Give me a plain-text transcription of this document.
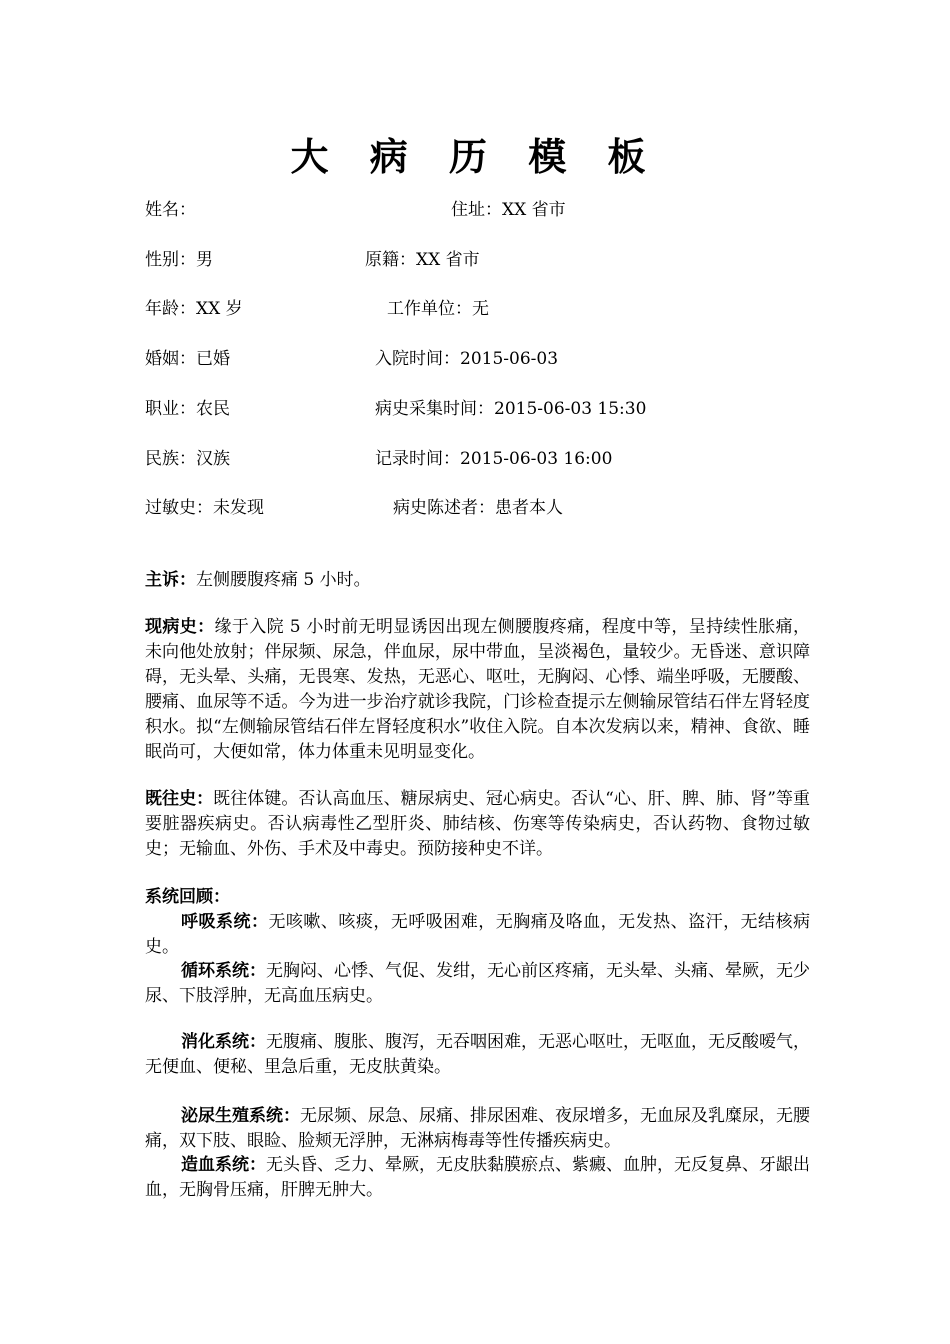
大 病 历 模 板
姓名：	住址：XX 省市
性别：男	原籍：XX 省市
年龄：XX 岁	工作单位：无
婚姻：已婚	入院时间：2015-06-03
职业：农民	病史采集时间：2015-06-03 15:30
民族：汉族	记录时间：2015-06-03 16:00
过敏史：未发现	病史陈述者：患者本人
主诉：左侧腰腹疼痛 5 小时。
现病史：缘于入院 5 小时前无明显诱因出现左侧腰腹疼痛，程度中等，呈持续性胀痛，未向他处放射；伴尿频、尿急，伴血尿，尿中带血，呈淡褐色，量较少。无昏迷、意识障碍，无头晕、头痛，无畏寒、发热，无恶心、呕吐，无胸闷、心悸、端坐呼吸，无腰酸、腰痛、血尿等不适。今为进一步治疗就诊我院，门诊检查提示左侧输尿管结石伴左肾轻度积水。拟“左侧输尿管结石伴左肾轻度积水”收住入院。自本次发病以来，精神、食欲、睡眠尚可，大便如常，体力体重未见明显变化。
既往史：既往体键。否认高血压、糖尿病史、冠心病史。否认“心、肝、脾、肺、肾”等重要脏器疾病史。否认病毒性乙型肝炎、肺结核、伤寒等传染病史，否认药物、食物过敏史；无输血、外伤、手术及中毒史。预防接种史不详。
系统回顾：
呼吸系统：无咳嗽、咳痰，无呼吸困难，无胸痛及咯血，无发热、盗汗，无结核病史。
循环系统：无胸闷、心悸、气促、发绀，无心前区疼痛，无头晕、头痛、晕厥，无少尿、下肢浮肿，无高血压病史。
消化系统：无腹痛、腹胀、腹泻，无吞咽困难，无恶心呕吐，无呕血，无反酸嗳气，无便血、便秘、里急后重，无皮肤黄染。
泌尿生殖系统：无尿频、尿急、尿痛、排尿困难、夜尿增多，无血尿及乳糜尿，无腰痛，双下肢、眼睑、脸颊无浮肿，无淋病梅毒等性传播疾病史。
造血系统：无头昏、乏力、晕厥，无皮肤黏膜瘀点、紫癜、血肿，无反复鼻、牙龈出血，无胸骨压痛，肝脾无肿大。
